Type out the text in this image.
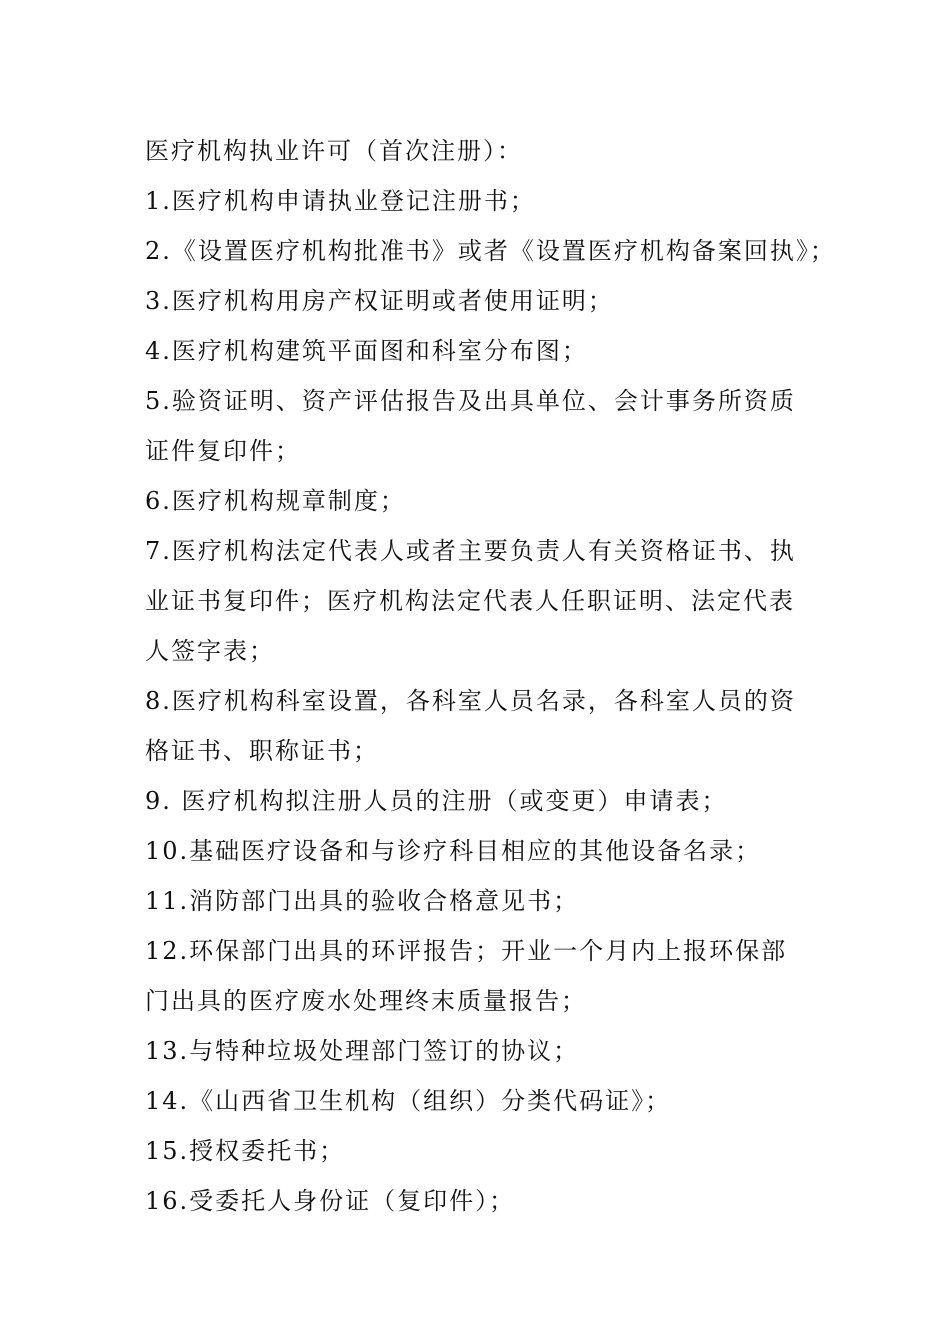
医疗机构执业许可（首次注册）：
1.医疗机构申请执业登记注册书；
2.《设置医疗机构批准书》或者《设置医疗机构备案回执》；
3.医疗机构用房产权证明或者使用证明；
4.医疗机构建筑平面图和科室分布图；
5.验资证明、资产评估报告及出具单位、会计事务所资质证件复印件；
6.医疗机构规章制度；
7.医疗机构法定代表人或者主要负责人有关资格证书、执业证书复印件；医疗机构法定代表人任职证明、法定代表人签字表；
8.医疗机构科室设置，各科室人员名录，各科室人员的资格证书、职称证书；
9. 医疗机构拟注册人员的注册（或变更）申请表；
10.基础医疗设备和与诊疗科目相应的其他设备名录；
11.消防部门出具的验收合格意见书；
12.环保部门出具的环评报告；开业一个月内上报环保部门出具的医疗废水处理终末质量报告；
13.与特种垃圾处理部门签订的协议；
14.《山西省卫生机构（组织）分类代码证》；
15.授权委托书；
16.受委托人身份证（复印件）；
